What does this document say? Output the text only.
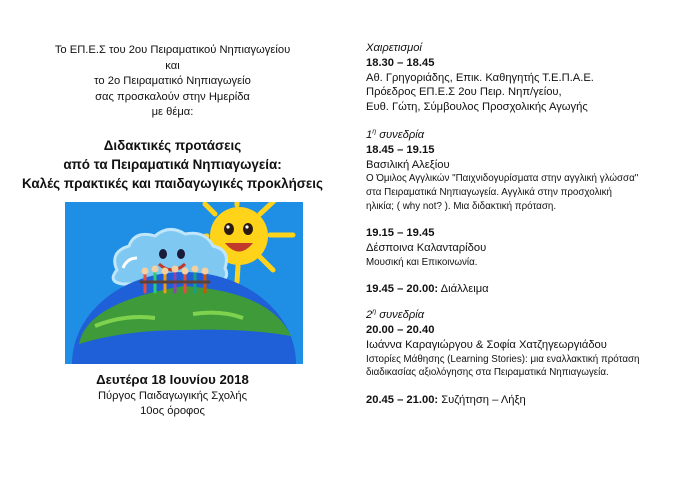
Το ΕΠ.Ε.Σ του 2ου Πειραματικού Νηπιαγωγείου
και
το 2ο Πειραματικό Νηπιαγωγείο
σας προσκαλούν στην Ημερίδα
με θέμα:
Διδακτικές προτάσεις
από τα Πειραματικά Νηπιαγωγεία:
Καλές πρακτικές και παιδαγωγικές προκλήσεις
Δευτέρα 18 Ιουνίου 2018
Πύργος Παιδαγωγικής Σχολής
10ος όροφος
Χαιρετισμοί
18.30 – 18.45
Αθ. Γρηγοριάδης, Επικ. Καθηγητής Τ.Ε.Π.Α.Ε.
Πρόεδρος ΕΠ.Ε.Σ 2ου Πειρ. Νηπ/γείου,
Ευθ. Γώτη, Σύμβουλος Προσχολικής Αγωγής
$1^\eta$ συνεδρία
18.45 – 19.15
Βασιλική Αλεξίου
Ο Όμιλος Αγγλικών "Παιχνιδογυρίσματα στην αγγλική γλώσσα"
στα Πειραματικά Νηπιαγωγεία. Αγγλικά στην προσχολική
ηλικία; ( why not? ). Μια διδακτική πρόταση.
19.15 – 19.45
Δέσποινα Καλανταρίδου
Μουσική και Επικοινωνία.
19.45 – 20.00: Διάλλειμα
$2^\eta$ συνεδρία
20.00 – 20.40
Ιωάννα Καραγιώργου & Σοφία Χατζηγεωργιάδου
Ιστορίες Μάθησης (Learning Stories): μια εναλλακτική πρόταση
διαδικασίας αξιολόγησης στα Πειραματικά Νηπιαγωγεία.
20.45 – 21.00: Συζήτηση – Λήξη
